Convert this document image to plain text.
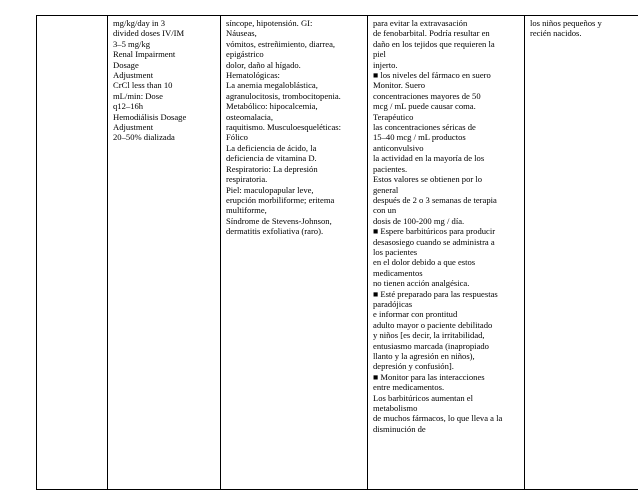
mg/kg/day in 3
divided doses IV/IM
3–5 mg/kg
Renal Impairment
Dosage
Adjustment
CrCl less than 10
mL/min: Dose
q12–16h
Hemodiálisis Dosage
Adjustment
20–50% dializada

síncope, hipotensión. GI:
Náuseas,
vómitos, estreñimiento, diarrea,
epigástrico
dolor, daño al hígado.
Hematológicas:
La anemia megaloblástica,
agranulocitosis, trombocitopenia.
Metabólico: hipocalcemia,
osteomalacia,
raquitismo. Musculoesqueléticas:
Fólico
La deficiencia de ácido, la
deficiencia de vitamina D.
Respiratorio: La depresión
respiratoria.
Piel: maculopapular leve,
erupción morbiliforme; eritema
multiforme,
Síndrome de Stevens-Johnson,
dermatitis exfoliativa (raro).

para evitar la extravasación
de fenobarbital. Podría resultar en
daño en los tejidos que requieren la
piel
injerto.
■ los niveles del fármaco en suero
Monitor. Suero
concentraciones mayores de 50
mcg / mL puede causar coma.
Terapéutico
las concentraciones séricas de
15–40 mcg / mL productos
anticonvulsivo
la actividad en la mayoría de los
pacientes.
Estos valores se obtienen por lo
general
después de 2 o 3 semanas de terapia
con un
dosis de 100-200 mg / día.
■ Espere barbitúricos para producir
desasosiego cuando se administra a
los pacientes
en el dolor debido a que estos
medicamentos
no tienen acción analgésica.
■ Esté preparado para las respuestas
paradójicas
e informar con prontitud
adulto mayor o paciente debilitado
y niños [es decir, la irritabilidad,
entusiasmo marcada (inapropiado
llanto y la agresión en niños),
depresión y confusión].
■ Monitor para las interacciones
entre medicamentos.
Los barbitúricos aumentan el
metabolismo
de muchos fármacos, lo que lleva a la
disminución de

los niños pequeños y
recién nacidos.
